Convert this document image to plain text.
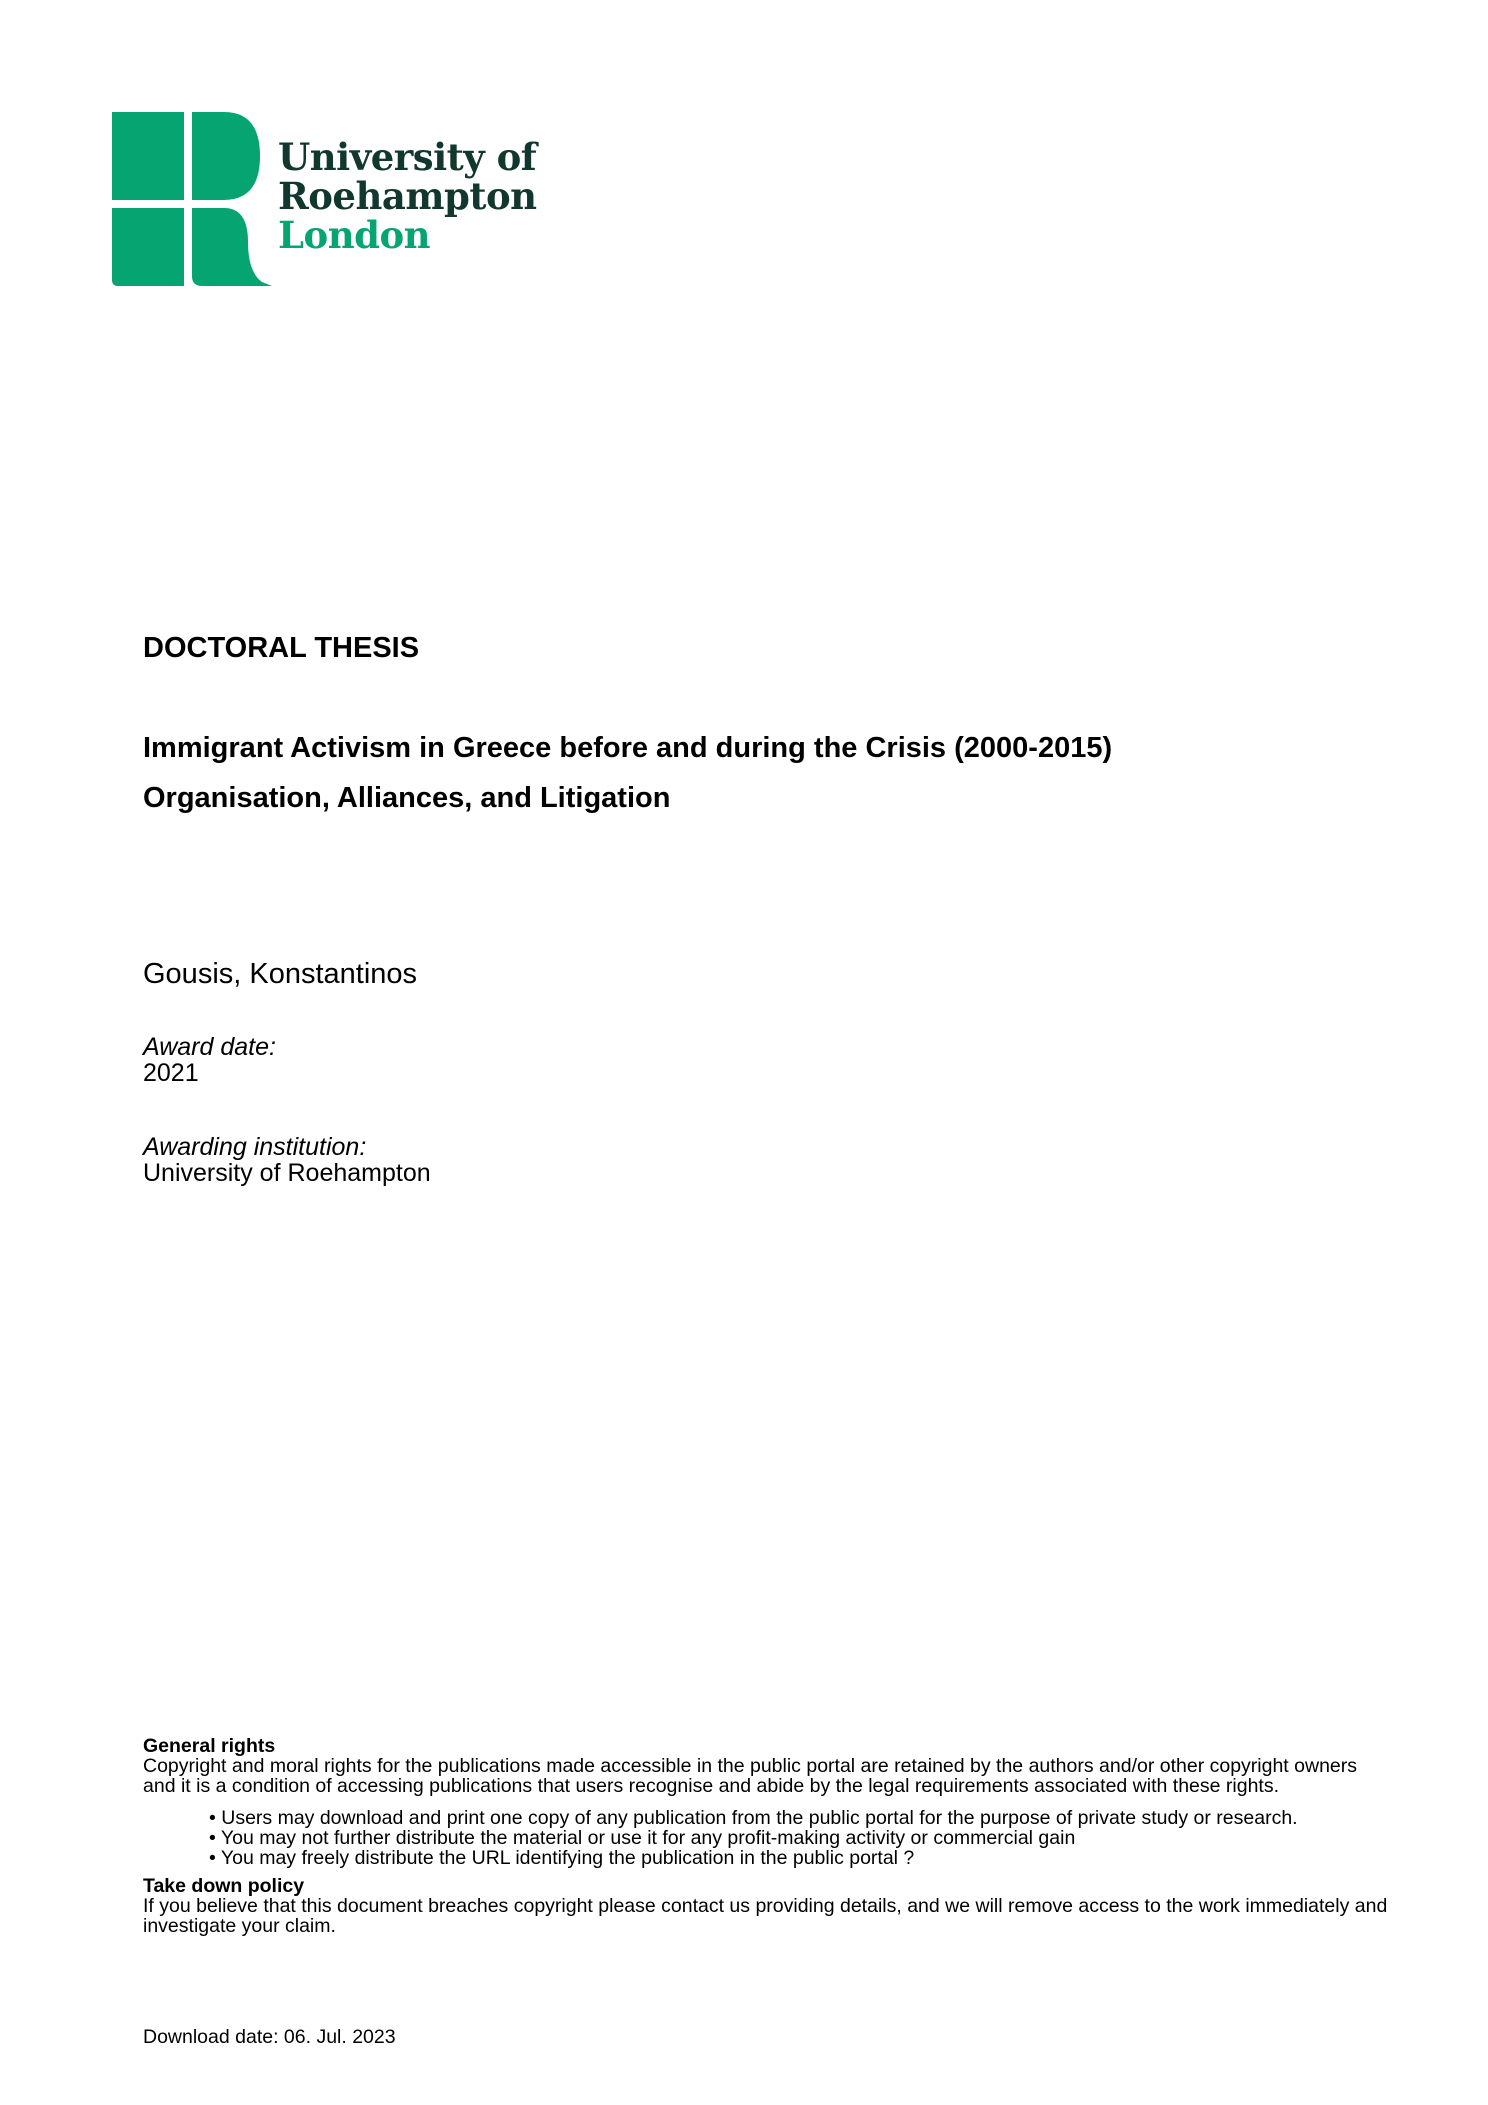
University of
Roehampton
London
DOCTORAL THESIS
Immigrant Activism in Greece before and during the Crisis (2000-2015)
Organisation, Alliances, and Litigation
Gousis, Konstantinos
Award date:
2021
Awarding institution:
University of Roehampton
General rights
Copyright and moral rights for the publications made accessible in the public portal are retained by the authors and/or other copyright owners and it is a condition of accessing publications that users recognise and abide by the legal requirements associated with these rights.
• Users may download and print one copy of any publication from the public portal for the purpose of private study or research.
• You may not further distribute the material or use it for any profit-making activity or commercial gain
• You may freely distribute the URL identifying the publication in the public portal ?
Take down policy
If you believe that this document breaches copyright please contact us providing details, and we will remove access to the work immediately and investigate your claim.
Download date: 06. Jul. 2023
